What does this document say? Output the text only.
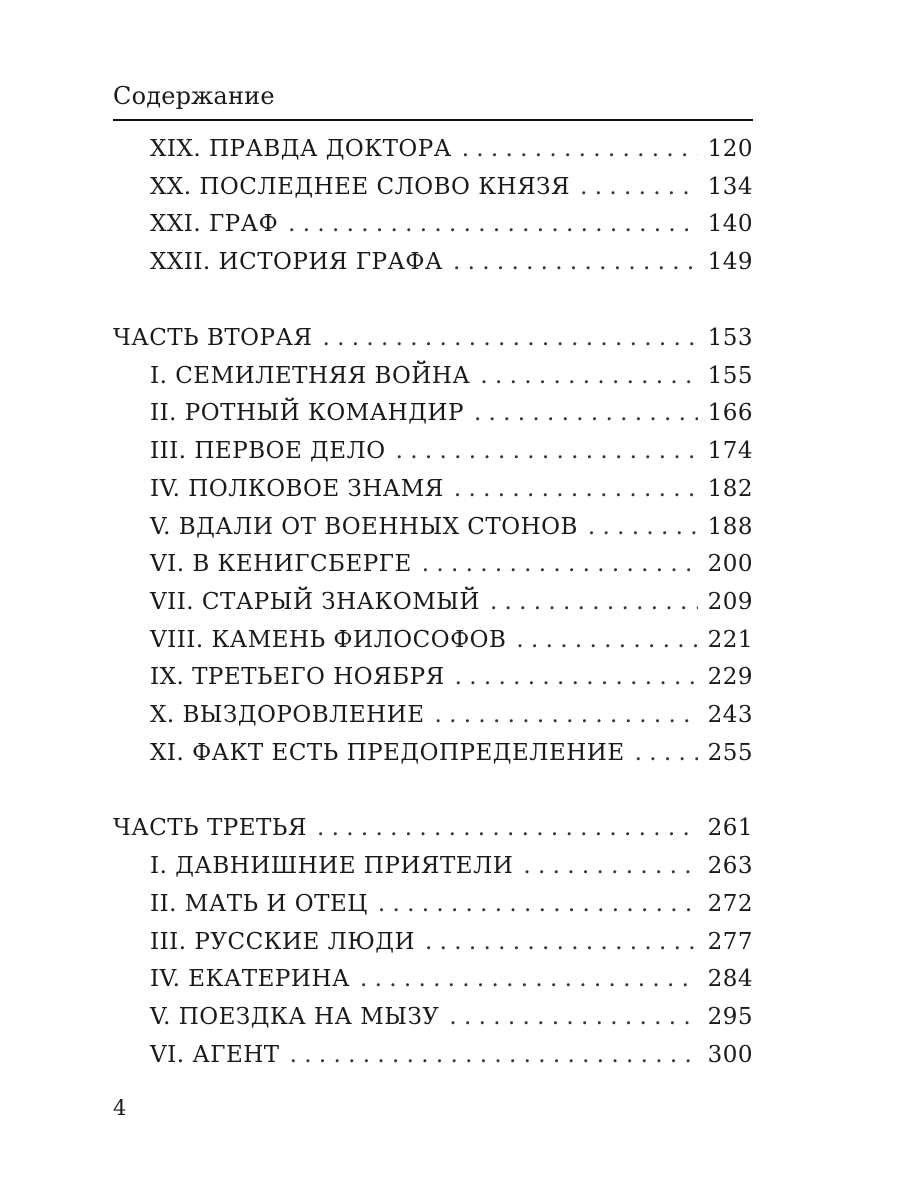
Содержание
XIX. ПРАВДА ДОКТОРА . . .	120
XX. ПОСЛЕДНЕЕ СЛОВО КНЯЗЯ . . .	134
XXI. ГРАФ . . .	140
XXII. ИСТОРИЯ ГРАФА . . .	149
ЧАСТЬ ВТОРАЯ . . .	153
I. СЕМИЛЕТНЯЯ ВОЙНА . . .	155
II. РОТНЫЙ КОМАНДИР . . .	166
III. ПЕРВОЕ ДЕЛО . . .	174
IV. ПОЛКОВОЕ ЗНАМЯ . . .	182
V. ВДАЛИ ОТ ВОЕННЫХ СТОНОВ . . .	188
VI. В КЕНИГСБЕРГЕ . . .	200
VII. СТАРЫЙ ЗНАКОМЫЙ . . .	209
VIII. КАМЕНЬ ФИЛОСОФОВ . . .	221
IX. ТРЕТЬЕГО НОЯБРЯ . . .	229
X. ВЫЗДОРОВЛЕНИЕ . . .	243
XI. ФАКТ ЕСТЬ ПРЕДОПРЕДЕЛЕНИЕ . . .	255
ЧАСТЬ ТРЕТЬЯ . . .	261
I. ДАВНИШНИЕ ПРИЯТЕЛИ . . .	263
II. МАТЬ И ОТЕЦ . . .	272
III. РУССКИЕ ЛЮДИ . . .	277
IV. ЕКАТЕРИНА . . .	284
V. ПОЕЗДКА НА МЫЗУ . . .	295
VI. АГЕНТ . . .	300
4
